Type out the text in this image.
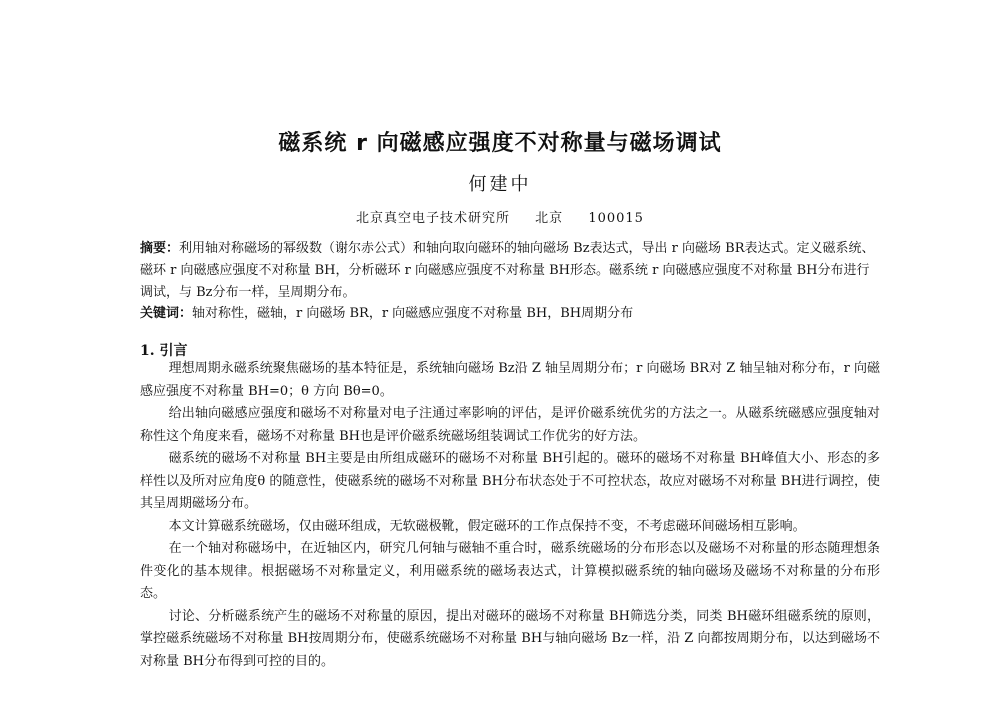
磁系统 r 向磁感应强度不对称量与磁场调试
何建中
北京真空电子技术研究所 北京 100015
摘要：利用轴对称磁场的幂级数（谢尔赤公式）和轴向取向磁环的轴向磁场 Bz表达式，导出 r 向磁场 BR表达式。定义磁系统、磁环 r 向磁感应强度不对称量 BH，分析磁环 r 向磁感应强度不对称量 BH形态。磁系统 r 向磁感应强度不对称量 BH分布进行调试，与 Bz分布一样，呈周期分布。
关键词：轴对称性，磁轴，r 向磁场 BR，r 向磁感应强度不对称量 BH，BH周期分布
1. 引言

理想周期永磁系统聚焦磁场的基本特征是，系统轴向磁场 Bz沿 Z 轴呈周期分布；r 向磁场 BR对 Z 轴呈轴对称分布，r 向磁感应强度不对称量 BH=0；θ 方向 Bθ=0。

给出轴向磁感应强度和磁场不对称量对电子注通过率影响的评估，是评价磁系统优劣的方法之一。从磁系统磁感应强度轴对称性这个角度来看，磁场不对称量 BH也是评价磁系统磁场组装调试工作优劣的好方法。

磁系统的磁场不对称量 BH主要是由所组成磁环的磁场不对称量 BH引起的。磁环的磁场不对称量 BH峰值大小、形态的多样性以及所对应角度θ 的随意性，使磁系统的磁场不对称量 BH分布状态处于不可控状态，故应对磁场不对称量 BH进行调控，使其呈周期磁场分布。

本文计算磁系统磁场，仅由磁环组成，无软磁极靴，假定磁环的工作点保持不变，不考虑磁环间磁场相互影响。

在一个轴对称磁场中，在近轴区内，研究几何轴与磁轴不重合时，磁系统磁场的分布形态以及磁场不对称量的形态随理想条件变化的基本规律。根据磁场不对称量定义，利用磁系统的磁场表达式，计算模拟磁系统的轴向磁场及磁场不对称量的分布形态。

讨论、分析磁系统产生的磁场不对称量的原因，提出对磁环的磁场不对称量 BH筛选分类，同类 BH磁环组磁系统的原则，掌控磁系统磁场不对称量 BH按周期分布，使磁系统磁场不对称量 BH与轴向磁场 Bz一样，沿 Z 向都按周期分布，以达到磁场不对称量 BH分布得到可控的目的。
